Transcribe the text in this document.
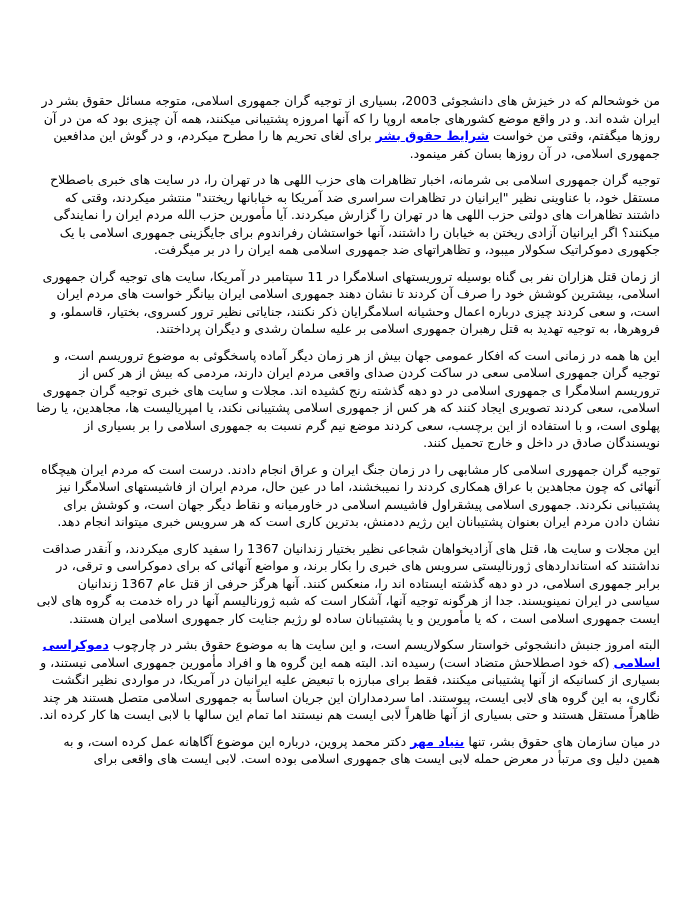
من خوشحالم که در خیزش های دانشجوئی 2003، بسیاری از توجیه گران جمهوری اسلامی، متوجه مسائل حقوق بشر در ایران شده اند. و در واقع موضع کشورهای جامعه اروپا را که آنها امروزه پشتیبانی میکنند، همه آن چیزی بود که من در آن روزها میگفتم، وقتی من خواست شرایط حقوق بشر برای لغای تحریم ها را مطرح میکردم، و در گوش این مدافعین جمهوری اسلامی، در آن روزها بسان کفر مینمود.

توجیه گران جمهوری اسلامی بی شرمانه، اخبار تظاهرات های حزب اللهی ها در تهران را، در سایت های خبری باصطلاح مستقل خود، با عناوینی نظیر "ایرانیان در تظاهرات سراسری ضد آمریکا به خیابانها ریختند" منتشر میکردند، وقتی که داشتند تظاهرات های دولتی حزب اللهی ها در تهران را گزارش میکردند. آیا مأمورین حزب الله مردم ایران را نمایندگی میکنند؟ اگر ایرانیان آزادی ریختن به خیابان را داشتند، آنها خواستشان رفراندوم برای جایگزینی جمهوری اسلامی با یک جکهوری دموکراتیک سکولار میبود، و تظاهراتهای ضد جمهوری اسلامی همه ایران را در بر میگرفت.

از زمان قتل هزاران نفر بی گناه بوسیله تروریستهای اسلامگرا در 11 سپتامبر در آمریکا، سایت های توجیه گران جمهوری اسلامی، بیشترین کوشش خود را صرف آن کردند تا نشان دهند جمهوری اسلامی ایران بیانگر خواست های مردم ایران است، و سعی کردند چیزی درباره اعمال وحشیانه اسلامگرایان ذکر نکنند، جنایاتی نظیر ترور کسروی، بختیار، قاسملو، و فروهرها، به توجیه تهدید به قتل رهبران جمهوری اسلامی بر علیه سلمان رشدی و دیگران پرداختند.

این ها همه در زمانی است که افکار عمومی جهان بیش از هر زمان دیگر آماده پاسخگوئی به موضوع تروریسم است، و توجیه گران جمهوری اسلامی سعی در ساکت کردن صدای واقعی مردم ایران دارند، مردمی که بیش از هر کس از تروریسم اسلامگرا ی جمهوری اسلامی در دو دهه گذشته رنج کشیده اند. مجلات و سایت های خبری توجیه گران جمهوری اسلامی، سعی کردند تصویری ایجاد کنند که هر کس از جمهوری اسلامی پشتیبانی نکند، یا امپریالیست ها، مجاهدین، یا رضا پهلوی است، و با استفاده از این برچسب، سعی کردند موضع نیم گرم نسبت به جمهوری اسلامی را بر بسیاری از نویسندگان صادق در داخل و خارج تحمیل کنند.

توجیه گران جمهوری اسلامی کار مشابهی را در زمان جنگ ایران و عراق انجام دادند. درست است که مردم ایران هیچگاه آنهائی که چون مجاهدین با عراق همکاری کردند را نمیبخشند، اما در عین حال، مردم ایران از فاشیستهای اسلامگرا نیز پشتیبانی نکردند. جمهوری اسلامی پیشقراول فاشیسم اسلامی در خاورمیانه و نقاط دیگر جهان است، و کوشش برای نشان دادن مردم ایران بعنوان پشتیبانان این رژیم ددمنش، بدترین کاری است که هر سرویس خبری میتواند انجام دهد.

این مجلات و سایت ها، قتل های آزادیخواهان شجاعی نظیر بختیار زندانیان 1367 را سفید کاری میکردند، و آنقدر صداقت نداشتند که استانداردهای ژورنالیستی سرویس های خبری را بکار برند، و مواضع آنهائی که برای دموکراسی و ترقی، در برابر جمهوری اسلامی، در دو دهه گذشته ایستاده اند را، منعکس کنند. آنها هرگز حرفی از قتل عام 1367 زندانیان سیاسی در ایران نمینویسند. جدا از هرگونه توجیه آنها، آشکار است که شبه ژورنالیسم آنها در راه خدمت به گروه های لابی ایست جمهوری اسلامی است ، که یا مأمورین و یا پشتیبانان ساده لو رژیم جنایت کار جمهوری اسلامی ایران هستند.

البته امروز جنبش دانشجوئی خواستار سکولاریسم است، و این سایت ها به موضوع حقوق بشر در چارچوب دموکراسی اسلامی (که خود اصطلاحش متضاد است) رسیده اند. البته همه این گروه ها و افراد مأمورین جمهوری اسلامی نیستند، و بسیاری از کسانیکه از آنها پشتیبانی میکنند، فقط برای مبارزه با تبعیض علیه ایرانیان در آمریکا، در مواردی نظیر انگشت نگاری، به این گروه های لابی ایست، پیوستند. اما سردمداران این جریان اساساً به جمهوری اسلامی متصل هستند هر چند ظاهراً مستقل هستند و حتی بسیاری از آنها ظاهراً لابی ایست هم نیستند اما تمام این سالها با لابی ایست ها کار کرده اند.

در میان سازمان های حقوق بشر، تنها بنیاد مهر دکتر محمد پروین، درباره این موضوع آگاهانه عمل کرده است، و به همین دلیل وی مرتبأ در معرض حمله لابی ایست های جمهوری اسلامی بوده است. لابی ایست های واقعی برای
